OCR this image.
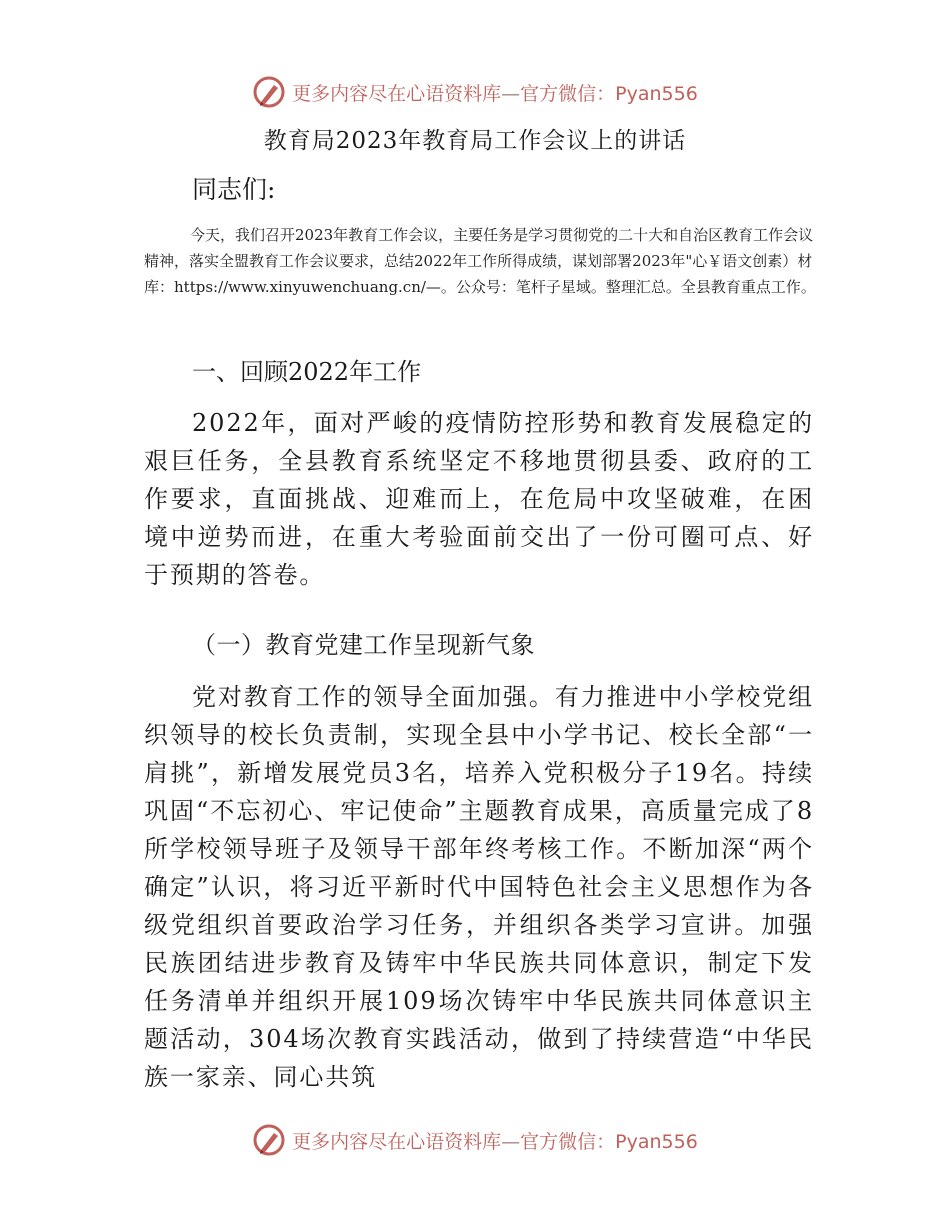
更多内容尽在心语资料库—官方微信：Pyan556
教育局2023年教育局工作会议上的讲话
同志们:

今天，我们召开2023年教育工作会议，主要任务是学习贯彻党的二十大和自治区教育工作会议精神，落实全盟教育工作会议要求，总结2022年工作所得成绩，谋划部署2023年"心￥语文创素）材库：https://www.xinyuwenchuang.cn/—。公众号：笔杆子星域。整理汇总。全县教育重点工作。

一、回顾2022年工作

2022年，面对严峻的疫情防控形势和教育发展稳定的艰巨任务，全县教育系统坚定不移地贯彻县委、政府的工作要求，直面挑战、迎难而上，在危局中攻坚破难，在困境中逆势而进，在重大考验面前交出了一份可圈可点、好于预期的答卷。

（一）教育党建工作呈现新气象

党对教育工作的领导全面加强。有力推进中小学校党组织领导的校长负责制，实现全县中小学书记、校长全部“一肩挑”，新增发展党员3名，培养入党积极分子19名。持续巩固“不忘初心、牢记使命”主题教育成果，高质量完成了8所学校领导班子及领导干部年终考核工作。不断加深“两个确定”认识，将习近平新时代中国特色社会主义思想作为各级党组织首要政治学习任务，并组织各类学习宣讲。加强民族团结进步教育及铸牢中华民族共同体意识，制定下发任务清单并组织开展109场次铸牢中华民族共同体意识主题活动，304场次教育实践活动，做到了持续营造“中华民族一家亲、同心共筑

更多内容尽在心语资料库—官方微信：Pyan556
